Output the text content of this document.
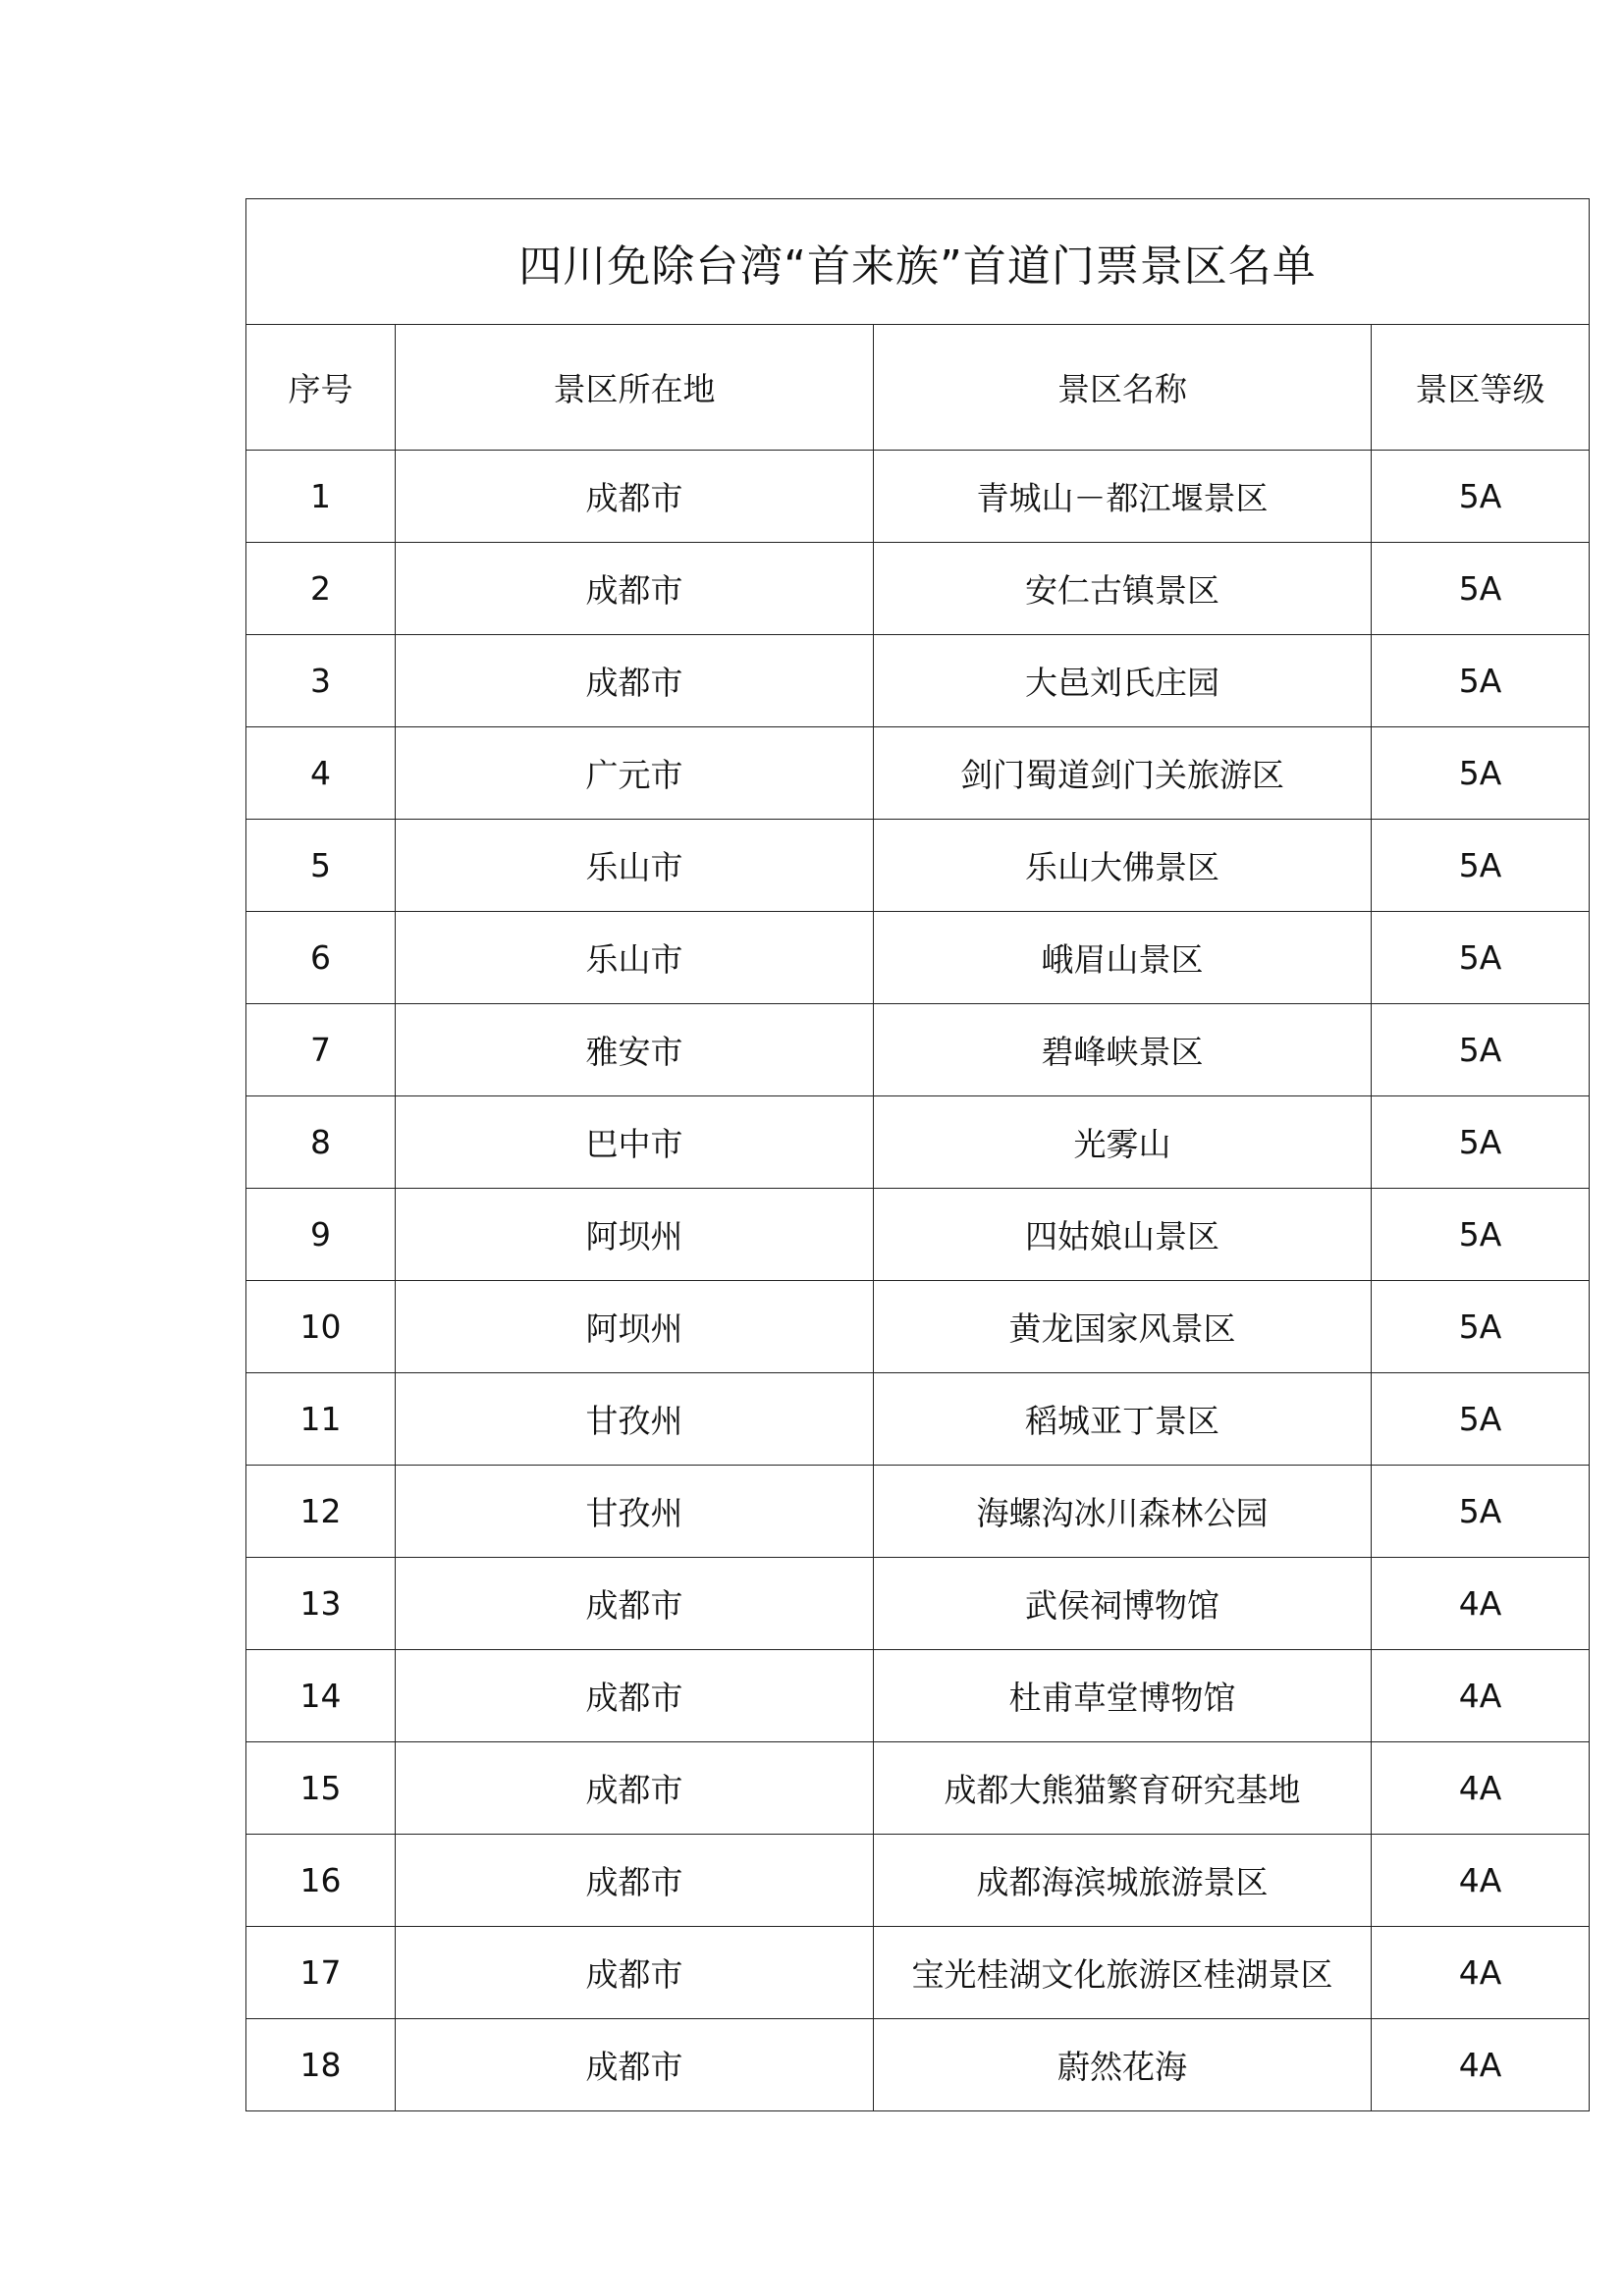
四川免除台湾“首来族”首道门票景区名单			
序号	景区所在地	景区名称	景区等级
1	成都市	青城山－都江堰景区	5A
2	成都市	安仁古镇景区	5A
3	成都市	大邑刘氏庄园	5A
4	广元市	剑门蜀道剑门关旅游区	5A
5	乐山市	乐山大佛景区	5A
6	乐山市	峨眉山景区	5A
7	雅安市	碧峰峡景区	5A
8	巴中市	光雾山	5A
9	阿坝州	四姑娘山景区	5A
10	阿坝州	黄龙国家风景区	5A
11	甘孜州	稻城亚丁景区	5A
12	甘孜州	海螺沟冰川森林公园	5A
13	成都市	武侯祠博物馆	4A
14	成都市	杜甫草堂博物馆	4A
15	成都市	成都大熊猫繁育研究基地	4A
16	成都市	成都海滨城旅游景区	4A
17	成都市	宝光桂湖文化旅游区桂湖景区	4A
18	成都市	蔚然花海	4A
